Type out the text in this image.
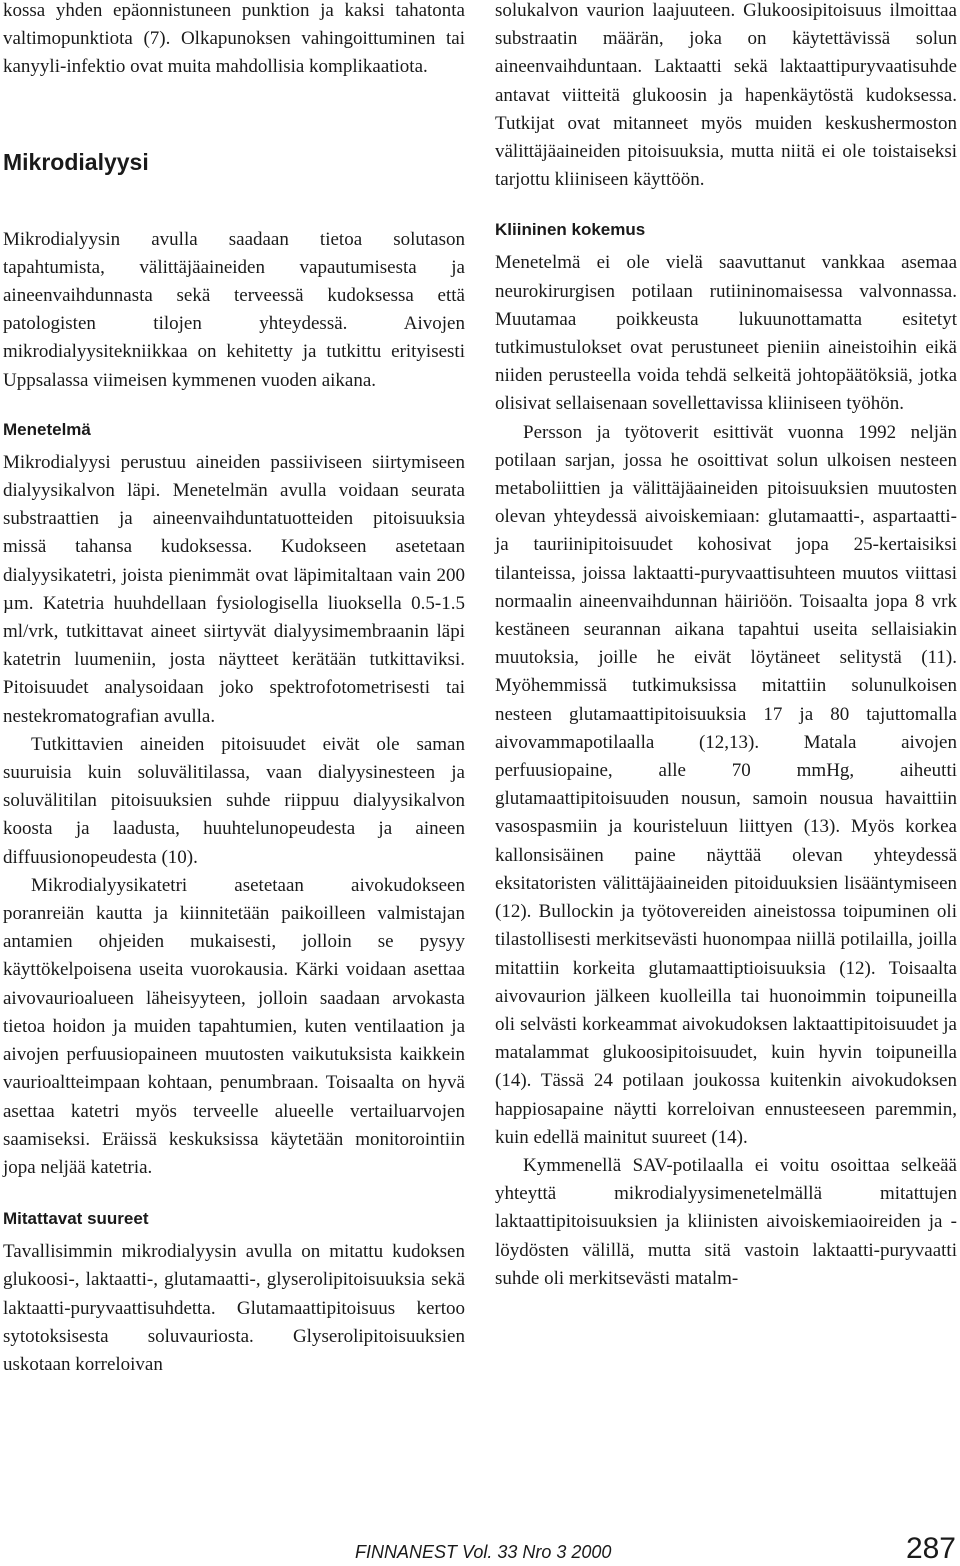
kossa yhden epäonnistuneen punktion ja kaksi tahatonta valtimopunktiota (7). Olkapunoksen vahingoittuminen tai kanyyli-infektio ovat muita mahdollisia komplikaatiota.

Mikrodialyysi

Mikrodialyysin avulla saadaan tietoa solutason tapahtumista, välittäjäaineiden vapautumisesta ja aineenvaihdunnasta sekä terveessä kudoksessa että patologisten tilojen yhteydessä. Aivojen mikrodialyysitekniikkaa on kehitetty ja tutkittu erityisesti Uppsalassa viimeisen kymmenen vuoden aikana.

Menetelmä

Mikrodialyysi perustuu aineiden passiiviseen siirtymiseen dialyysikalvon läpi. Menetelmän avulla voidaan seurata substraattien ja aineenvaihduntatuotteiden pitoisuuksia missä tahansa kudoksessa. Kudokseen asetetaan dialyysikatetri, joista pienimmät ovat läpimitaltaan vain 200 µm. Katetria huuhdellaan fysiologisella liuoksella 0.5-1.5 ml/vrk, tutkittavat aineet siirtyvät dialyysimembraanin läpi katetrin luumeniin, josta näytteet kerätään tutkittaviksi. Pitoisuudet analysoidaan joko spektrofotometrisesti tai nestekromatografian avulla.

Tutkittavien aineiden pitoisuudet eivät ole saman suuruisia kuin soluvälitilassa, vaan dialyysinesteen ja soluvälitilan pitoisuuksien suhde riippuu dialyysikalvon koosta ja laadusta, huuhtelunopeudesta ja aineen diffuusionopeudesta (10).

Mikrodialyysikatetri asetetaan aivokudokseen poranreiän kautta ja kiinnitetään paikoilleen valmistajan antamien ohjeiden mukaisesti, jolloin se pysyy käyttökelpoisena useita vuorokausia. Kärki voidaan asettaa aivovaurioalueen läheisyyteen, jolloin saadaan arvokasta tietoa hoidon ja muiden tapahtumien, kuten ventilaation ja aivojen perfuusiopaineen muutosten vaikutuksista kaikkein vaurioaltteimpaan kohtaan, penumbraan. Toisaalta on hyvä asettaa katetri myös terveelle alueelle vertailuarvojen saamiseksi. Eräissä keskuksissa käytetään monitorointiin jopa neljää katetria.

Mitattavat suureet

Tavallisimmin mikrodialyysin avulla on mitattu kudoksen glukoosi-, laktaatti-, glutamaatti-, glyserolipitoisuuksia sekä laktaatti-puryvaattisuhdetta. Glutamaattipitoisuus kertoo sytotoksisesta soluvauriosta. Glyserolipitoisuuksien uskotaan korreloivan

solukalvon vaurion laajuuteen. Glukoosipitoisuus ilmoittaa substraatin määrän, joka on käytettävissä solun aineenvaihduntaan. Laktaatti sekä laktaattipuryvaatisuhde antavat viitteitä glukoosin ja hapenkäytöstä kudoksessa. Tutkijat ovat mitanneet myös muiden keskushermoston välittäjäaineiden pitoisuuksia, mutta niitä ei ole toistaiseksi tarjottu kliiniseen käyttöön.

Kliininen kokemus

Menetelmä ei ole vielä saavuttanut vankkaa asemaa neurokirurgisen potilaan rutiininomaisessa valvonnassa. Muutamaa poikkeusta lukuunottamatta esitetyt tutkimustulokset ovat perustuneet pieniin aineistoihin eikä niiden perusteella voida tehdä selkeitä johtopäätöksiä, jotka olisivat sellaisenaan sovellettavissa kliiniseen työhön.

Persson ja työtoverit esittivät vuonna 1992 neljän potilaan sarjan, jossa he osoittivat solun ulkoisen nesteen metaboliittien ja välittäjäaineiden pitoisuuksien muutosten olevan yhteydessä aivoiskemiaan: glutamaatti-, aspartaatti- ja tauriinipitoisuudet kohosivat jopa 25-kertaisiksi tilanteissa, joissa laktaatti-puryvaattisuhteen muutos viittasi normaalin aineenvaihdunnan häiriöön. Toisaalta jopa 8 vrk kestäneen seurannan aikana tapahtui useita sellaisiakin muutoksia, joille he eivät löytäneet selitystä (11). Myöhemmissä tutkimuksissa mitattiin solunulkoisen nesteen glutamaattipitoisuuksia 17 ja 80 tajuttomalla aivovammapotilaalla (12,13). Matala aivojen perfuusiopaine, alle 70 mmHg, aiheutti glutamaattipitoisuuden nousun, samoin nousua havaittiin vasospasmiin ja kouristeluun liittyen (13). Myös korkea kallonsisäinen paine näyttää olevan yhteydessä eksitatoristen välittäjäaineiden pitoiduuksien lisääntymiseen (12). Bullockin ja työtovereiden aineistossa toipuminen oli tilastollisesti merkitsevästi huonompaa niillä potilailla, joilla mitattiin korkeita glutamaattiptioisuuksia (12). Toisaalta aivovaurion jälkeen kuolleilla tai huonoimmin toipuneilla oli selvästi korkeammat aivokudoksen laktaattipitoisuudet ja matalammat glukoosipitoisuudet, kuin hyvin toipuneilla (14). Tässä 24 potilaan joukossa kuitenkin aivokudoksen happiosapaine näytti korreloivan ennusteeseen paremmin, kuin edellä mainitut suureet (14).

Kymmenellä SAV-potilaalla ei voitu osoittaa selkeää yhteyttä mikrodialyysimenetelmällä mitattujen laktaattipitoisuuksien ja kliinisten aivoiskemiaoireiden ja -löydösten välillä, mutta sitä vastoin laktaatti-puryvaatti suhde oli merkitsevästi matalm-

FINNANEST Vol. 33 Nro 3 2000	287
